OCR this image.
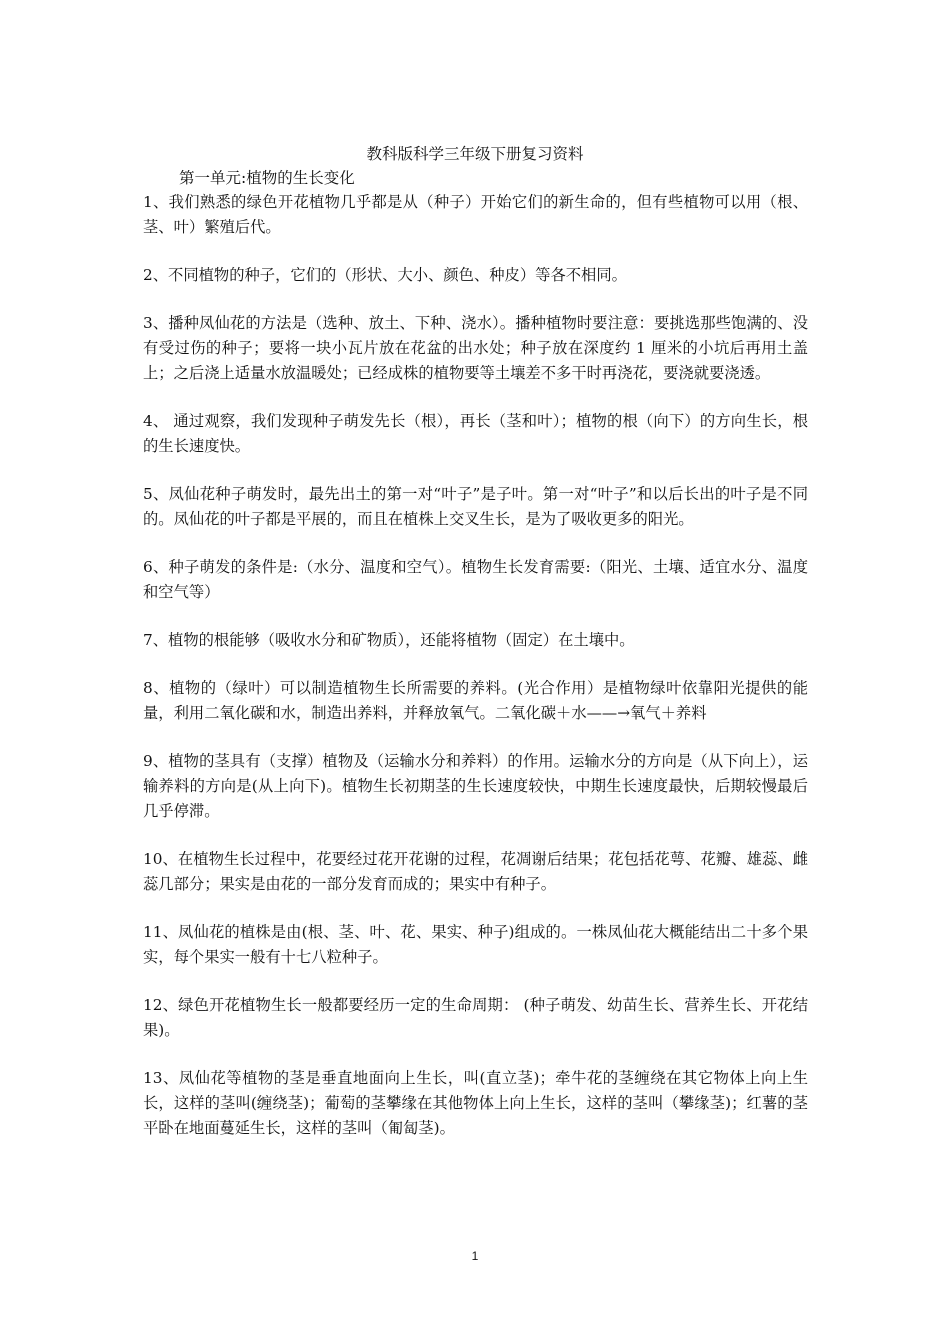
教科版科学三年级下册复习资料
第一单元:植物的生长变化

1、我们熟悉的绿色开花植物几乎都是从（种子）开始它们的新生命的，但有些植物可以用（根、茎、叶）繁殖后代。

2、不同植物的种子，它们的（形状、大小、颜色、种皮）等各不相同。

3、播种凤仙花的方法是（选种、放土、下种、浇水）。播种植物时要注意：要挑选那些饱满的、没有受过伤的种子；要将一块小瓦片放在花盆的出水处；种子放在深度约 1 厘米的小坑后再用土盖上；之后浇上适量水放温暖处；已经成株的植物要等土壤差不多干时再浇花，要浇就要浇透。

4、 通过观察，我们发现种子萌发先长（根），再长（茎和叶）；植物的根（向下）的方向生长，根的生长速度快。

5、凤仙花种子萌发时，最先出土的第一对“叶子”是子叶。第一对“叶子”和以后长出的叶子是不同的。凤仙花的叶子都是平展的，而且在植株上交叉生长，是为了吸收更多的阳光。

6、种子萌发的条件是:（水分、温度和空气）。植物生长发育需要:（阳光、土壤、适宜水分、温度和空气等）

7、植物的根能够（吸收水分和矿物质），还能将植物（固定）在土壤中。

8、植物的（绿叶）可以制造植物生长所需要的养料。(光合作用）是植物绿叶依靠阳光提供的能量，利用二氧化碳和水，制造出养料，并释放氧气。二氧化碳＋水——→氧气＋养料

9、植物的茎具有（支撑）植物及（运输水分和养料）的作用。运输水分的方向是（从下向上），运输养料的方向是(从上向下)。植物生长初期茎的生长速度较快，中期生长速度最快，后期较慢最后几乎停滞。

10、在植物生长过程中，花要经过花开花谢的过程，花凋谢后结果；花包括花萼、花瓣、雄蕊、雌蕊几部分；果实是由花的一部分发育而成的；果实中有种子。

11、凤仙花的植株是由(根、茎、叶、花、果实、种子)组成的。一株凤仙花大概能结出二十多个果实，每个果实一般有十七八粒种子。

12、绿色开花植物生长一般都要经历一定的生命周期： (种子萌发、幼苗生长、营养生长、开花结果)。

13、凤仙花等植物的茎是垂直地面向上生长，叫(直立茎)；牵牛花的茎缠绕在其它物体上向上生长，这样的茎叫(缠绕茎)；葡萄的茎攀缘在其他物体上向上生长，这样的茎叫（攀缘茎)；红薯的茎平卧在地面蔓延生长，这样的茎叫（匍匐茎)。

1
